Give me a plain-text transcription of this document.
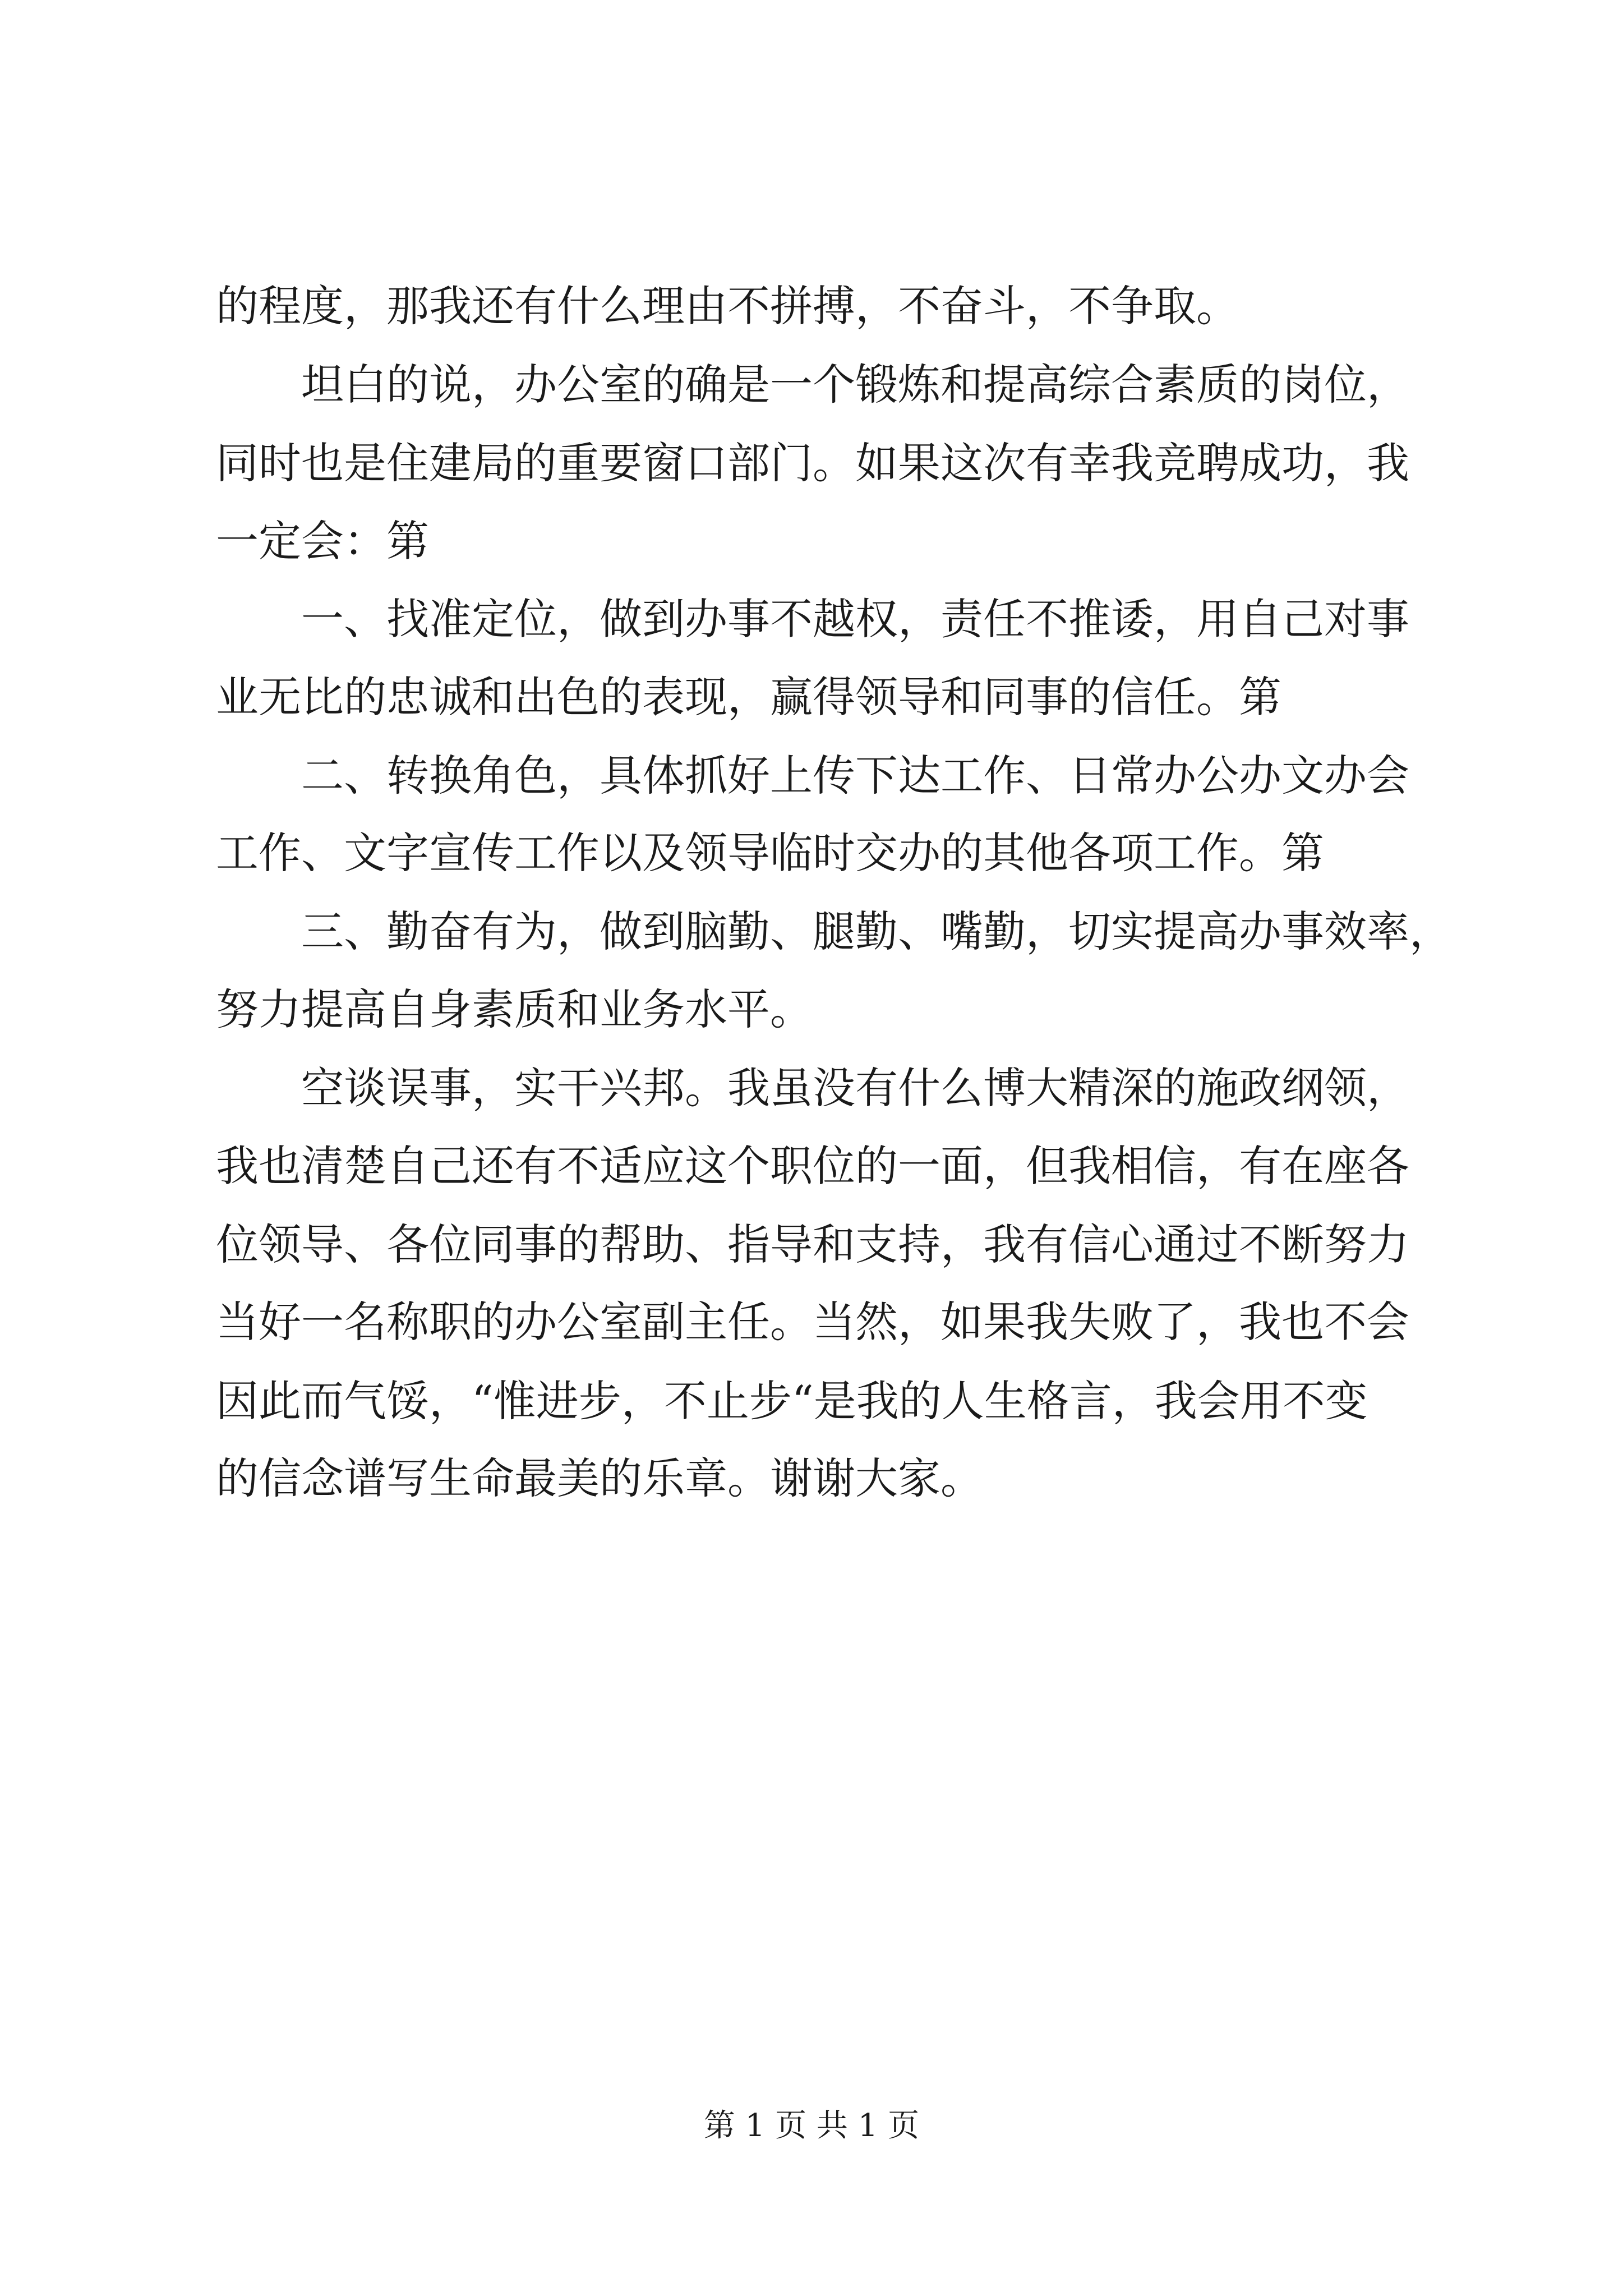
的程度，那我还有什么理由不拼搏，不奋斗，不争取。
　　坦白的说，办公室的确是一个锻炼和提高综合素质的岗位，
同时也是住建局的重要窗口部门。如果这次有幸我竞聘成功，我
一定会：第
　　一、找准定位，做到办事不越权，责任不推诿，用自己对事
业无比的忠诚和出色的表现，赢得领导和同事的信任。第
　　二、转换角色，具体抓好上传下达工作、日常办公办文办会
工作、文字宣传工作以及领导临时交办的其他各项工作。第
　　三、勤奋有为，做到脑勤、腿勤、嘴勤，切实提高办事效率，
努力提高自身素质和业务水平。
　　空谈误事，实干兴邦。我虽没有什么博大精深的施政纲领，
我也清楚自己还有不适应这个职位的一面，但我相信，有在座各
位领导、各位同事的帮助、指导和支持，我有信心通过不断努力
当好一名称职的办公室副主任。当然，如果我失败了，我也不会
因此而气馁，“惟进步，不止步“是我的人生格言，我会用不变
的信念谱写生命最美的乐章。谢谢大家。
第 1 页 共 1 页
